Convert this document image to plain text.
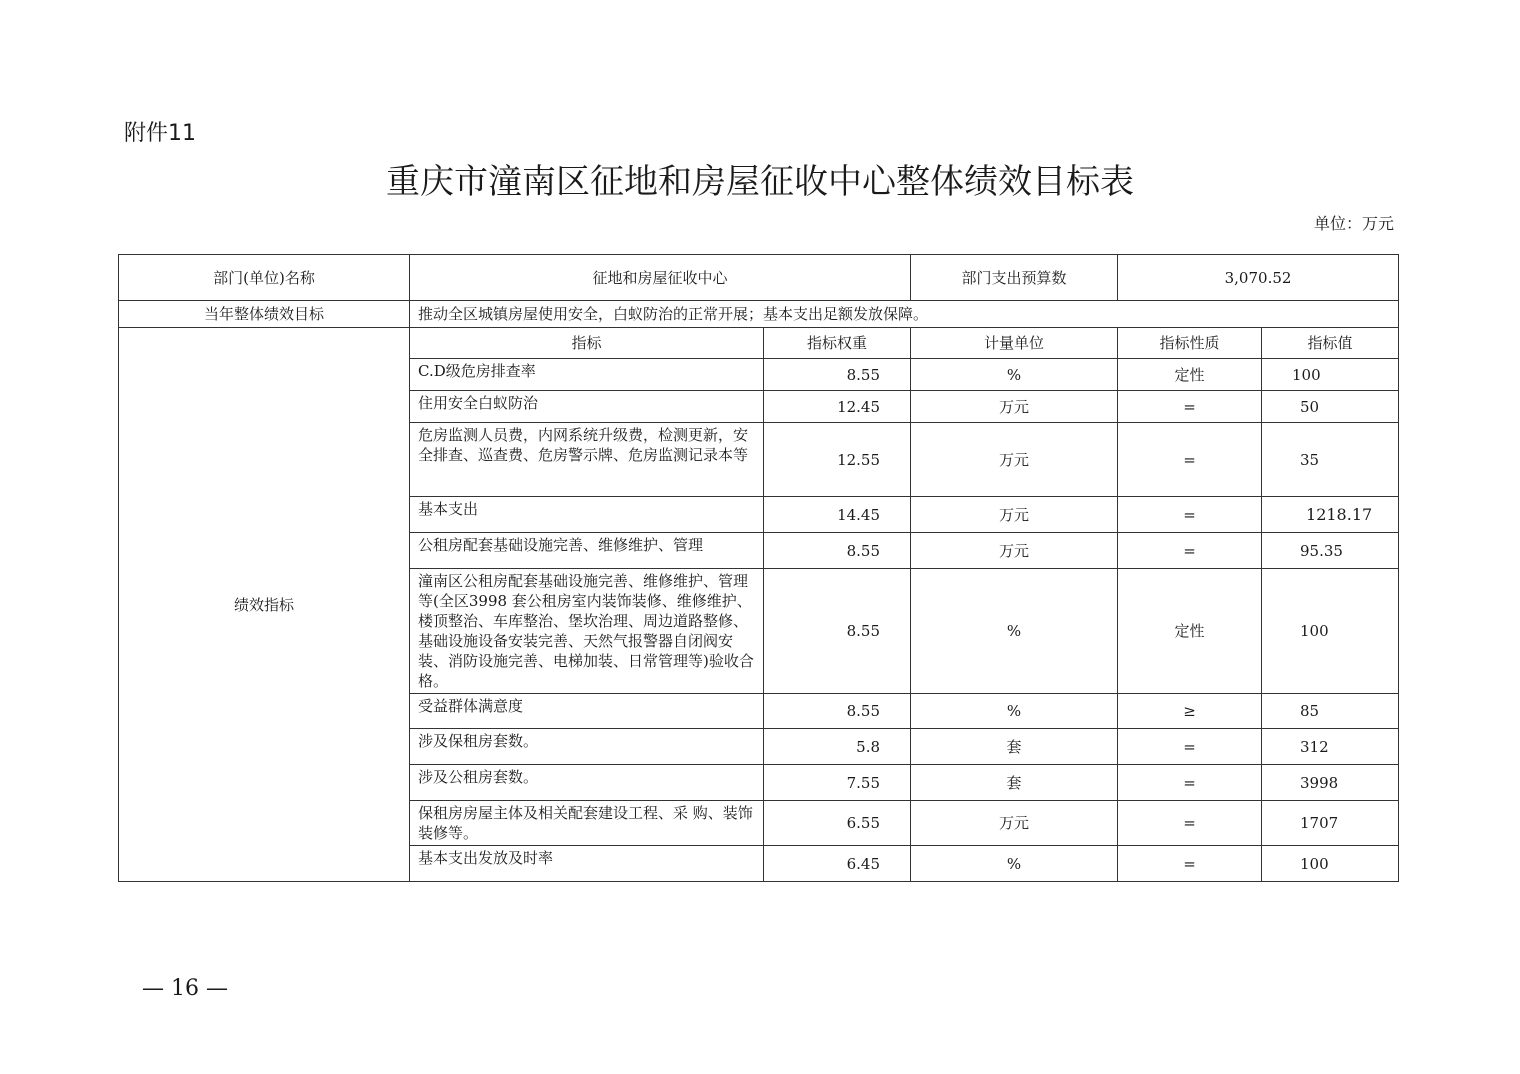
附件11
重庆市潼南区征地和房屋征收中心整体绩效目标表
单位：万元
部门(单位)名称	征地和房屋征收中心		部门支出预算数	3,070.52	
当年整体绩效目标	推动全区城镇房屋使用安全，白蚁防治的正常开展；基本支出足额发放保障。				
绩效指标	指标	指标权重	计量单位	指标性质	指标值
	C.D级危房排查率	8.55	%	定性	100
	住用安全白蚁防治	12.45	万元	=	50
	危房监测人员费，内网系统升级费，检测更新，安全排查、巡查费、危房警示牌、危房监测记录本等	12.55	万元	=	35
	基本支出	14.45	万元	=	1218.17
	公租房配套基础设施完善、维修维护、管理	8.55	万元	=	95.35
	潼南区公租房配套基础设施完善、维修维护、管理等(全区3998 套公租房室内装饰装修、维修维护、楼顶整治、车库整治、堡坎治理、周边道路整修、基础设施设备安装完善、天然气报警器自闭阀安装、消防设施完善、电梯加装、日常管理等)验收合格。	8.55	%	定性	100
	受益群体满意度	8.55	%	≥	85
	涉及保租房套数。	5.8	套	=	312
	涉及公租房套数。	7.55	套	=	3998
	保租房房屋主体及相关配套建设工程、采 购、装饰装修等。	6.55	万元	=	1707
	基本支出发放及时率	6.45	%	=	100
— 16 —
